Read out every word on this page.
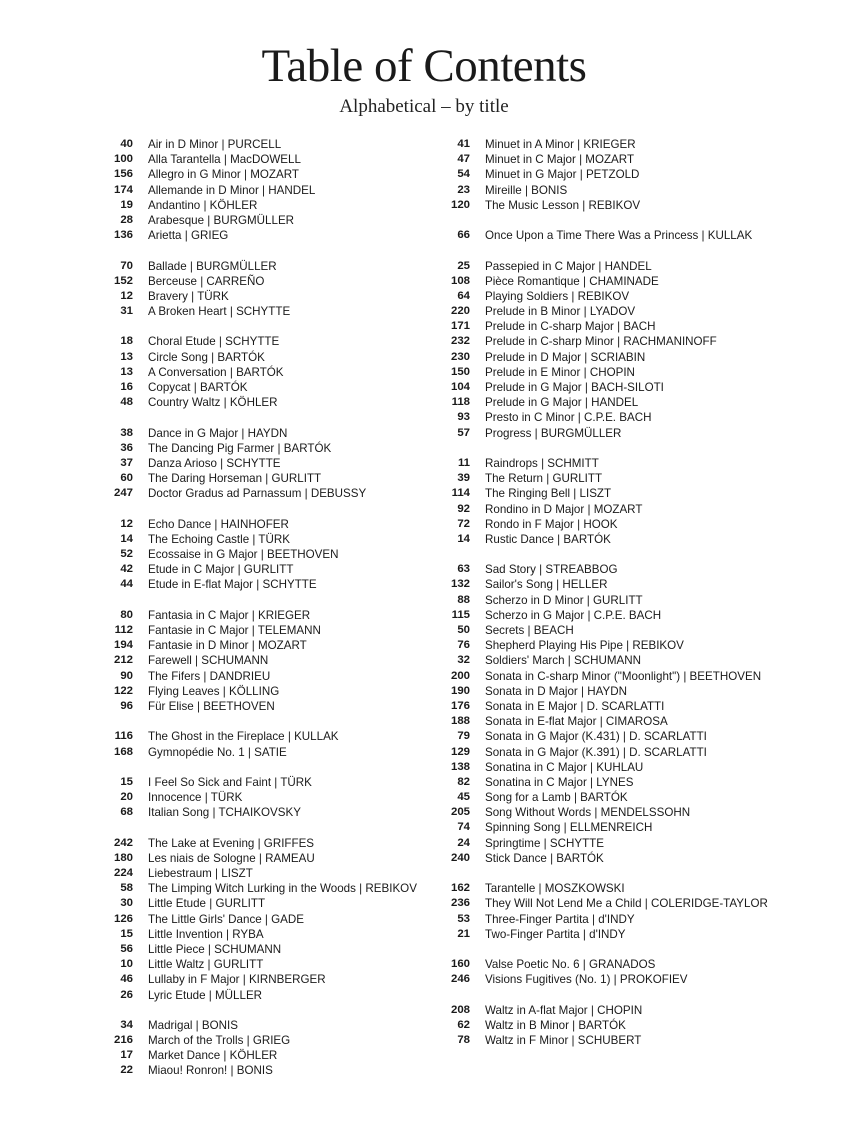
Table of Contents
Alphabetical – by title
40	Air in D Minor | PURCELL
100	Alla Tarantella | MacDOWELL
156	Allegro in G Minor | MOZART
174	Allemande in D Minor | HANDEL
19	Andantino | KÖHLER
28	Arabesque | BURGMÜLLER
136	Arietta | GRIEG
70	Ballade | BURGMÜLLER
152	Berceuse | CARREÑO
12	Bravery | TÜRK
31	A Broken Heart | SCHYTTE
18	Choral Etude | SCHYTTE
13	Circle Song | BARTÓK
13	A Conversation | BARTÓK
16	Copycat | BARTÓK
48	Country Waltz | KÖHLER
38	Dance in G Major | HAYDN
36	The Dancing Pig Farmer | BARTÓK
37	Danza Arioso | SCHYTTE
60	The Daring Horseman | GURLITT
247	Doctor Gradus ad Parnassum | DEBUSSY
12	Echo Dance | HAINHOFER
14	The Echoing Castle | TÜRK
52	Ecossaise in G Major | BEETHOVEN
42	Etude in C Major | GURLITT
44	Etude in E-flat Major | SCHYTTE
80	Fantasia in C Major | KRIEGER
112	Fantasie in C Major | TELEMANN
194	Fantasie in D Minor | MOZART
212	Farewell | SCHUMANN
90	The Fifers | DANDRIEU
122	Flying Leaves | KÖLLING
96	Für Elise | BEETHOVEN
116	The Ghost in the Fireplace | KULLAK
168	Gymnopédie No. 1 | SATIE
15	I Feel So Sick and Faint | TÜRK
20	Innocence | TÜRK
68	Italian Song | TCHAIKOVSKY
242	The Lake at Evening | GRIFFES
180	Les niais de Sologne | RAMEAU
224	Liebestraum | LISZT
58	The Limping Witch Lurking in the Woods | REBIKOV
30	Little Etude | GURLITT
126	The Little Girls' Dance | GADE
15	Little Invention | RYBA
56	Little Piece | SCHUMANN
10	Little Waltz | GURLITT
46	Lullaby in F Major | KIRNBERGER
26	Lyric Etude | MÜLLER
34	Madrigal | BONIS
216	March of the Trolls | GRIEG
17	Market Dance | KÖHLER
22	Miaou! Ronron! | BONIS
41	Minuet in A Minor | KRIEGER
47	Minuet in C Major | MOZART
54	Minuet in G Major | PETZOLD
23	Mireille | BONIS
120	The Music Lesson | REBIKOV
66	Once Upon a Time There Was a Princess | KULLAK
25	Passepied in C Major | HANDEL
108	Pièce Romantique | CHAMINADE
64	Playing Soldiers | REBIKOV
220	Prelude in B Minor | LYADOV
171	Prelude in C-sharp Major | BACH
232	Prelude in C-sharp Minor | RACHMANINOFF
230	Prelude in D Major | SCRIABIN
150	Prelude in E Minor | CHOPIN
104	Prelude in G Major | BACH-SILOTI
118	Prelude in G Major | HANDEL
93	Presto in C Minor | C.P.E. BACH
57	Progress | BURGMÜLLER
11	Raindrops | SCHMITT
39	The Return | GURLITT
114	The Ringing Bell | LISZT
92	Rondino in D Major | MOZART
72	Rondo in F Major | HOOK
14	Rustic Dance | BARTÓK
63	Sad Story | STREABBOG
132	Sailor's Song | HELLER
88	Scherzo in D Minor | GURLITT
115	Scherzo in G Major | C.P.E. BACH
50	Secrets | BEACH
76	Shepherd Playing His Pipe | REBIKOV
32	Soldiers' March | SCHUMANN
200	Sonata in C-sharp Minor ("Moonlight") | BEETHOVEN
190	Sonata in D Major | HAYDN
176	Sonata in E Major | D. SCARLATTI
188	Sonata in E-flat Major | CIMAROSA
79	Sonata in G Major (K.431) | D. SCARLATTI
129	Sonata in G Major (K.391) | D. SCARLATTI
138	Sonatina in C Major | KUHLAU
82	Sonatina in C Major | LYNES
45	Song for a Lamb | BARTÓK
205	Song Without Words | MENDELSSOHN
74	Spinning Song | ELLMENREICH
24	Springtime | SCHYTTE
240	Stick Dance | BARTÓK
162	Tarantelle | MOSZKOWSKI
236	They Will Not Lend Me a Child | COLERIDGE-TAYLOR
53	Three-Finger Partita | d'INDY
21	Two-Finger Partita | d'INDY
160	Valse Poetic No. 6 | GRANADOS
246	Visions Fugitives (No. 1) | PROKOFIEV
208	Waltz in A-flat Major | CHOPIN
62	Waltz in B Minor | BARTÓK
78	Waltz in F Minor | SCHUBERT
